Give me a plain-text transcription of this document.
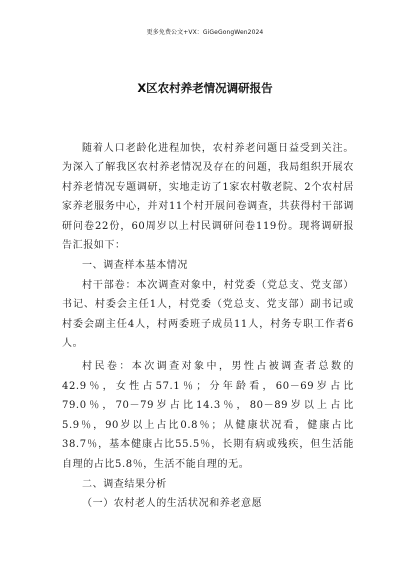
更多免费公文+VX：GiGeGongWen2024
X区农村养老情况调研报告

随着人口老龄化进程加快，农村养老问题日益受到关注。为深入了解我区农村养老情况及存在的问题，我局组织开展农村养老情况专题调研，实地走访了1家农村敬老院、2个农村居家养老服务中心，并对11个村开展问卷调查，共获得村干部调研问卷22份，60周岁以上村民调研问卷119份。现将调研报告汇报如下：

一、调查样本基本情况

村干部卷：本次调查对象中，村党委（党总支、党支部）书记、村委会主任1人，村党委（党总支、党支部）副书记或村委会副主任4人，村两委班子成员11人，村务专职工作者6人。

村民卷：本次调查对象中，男性占被调查者总数的42.9％，女性占57.1％；分年龄看，60－69岁占比79.0％，70－79岁占比14.3％，80－89岁以上占比5.9％，90岁以上占比0.8％；从健康状况看，健康占比38.7％，基本健康占比55.5％，长期有病或残疾，但生活能自理的占比5.8％，生活不能自理的无。

二、调查结果分析

（一）农村老人的生活状况和养老意愿
